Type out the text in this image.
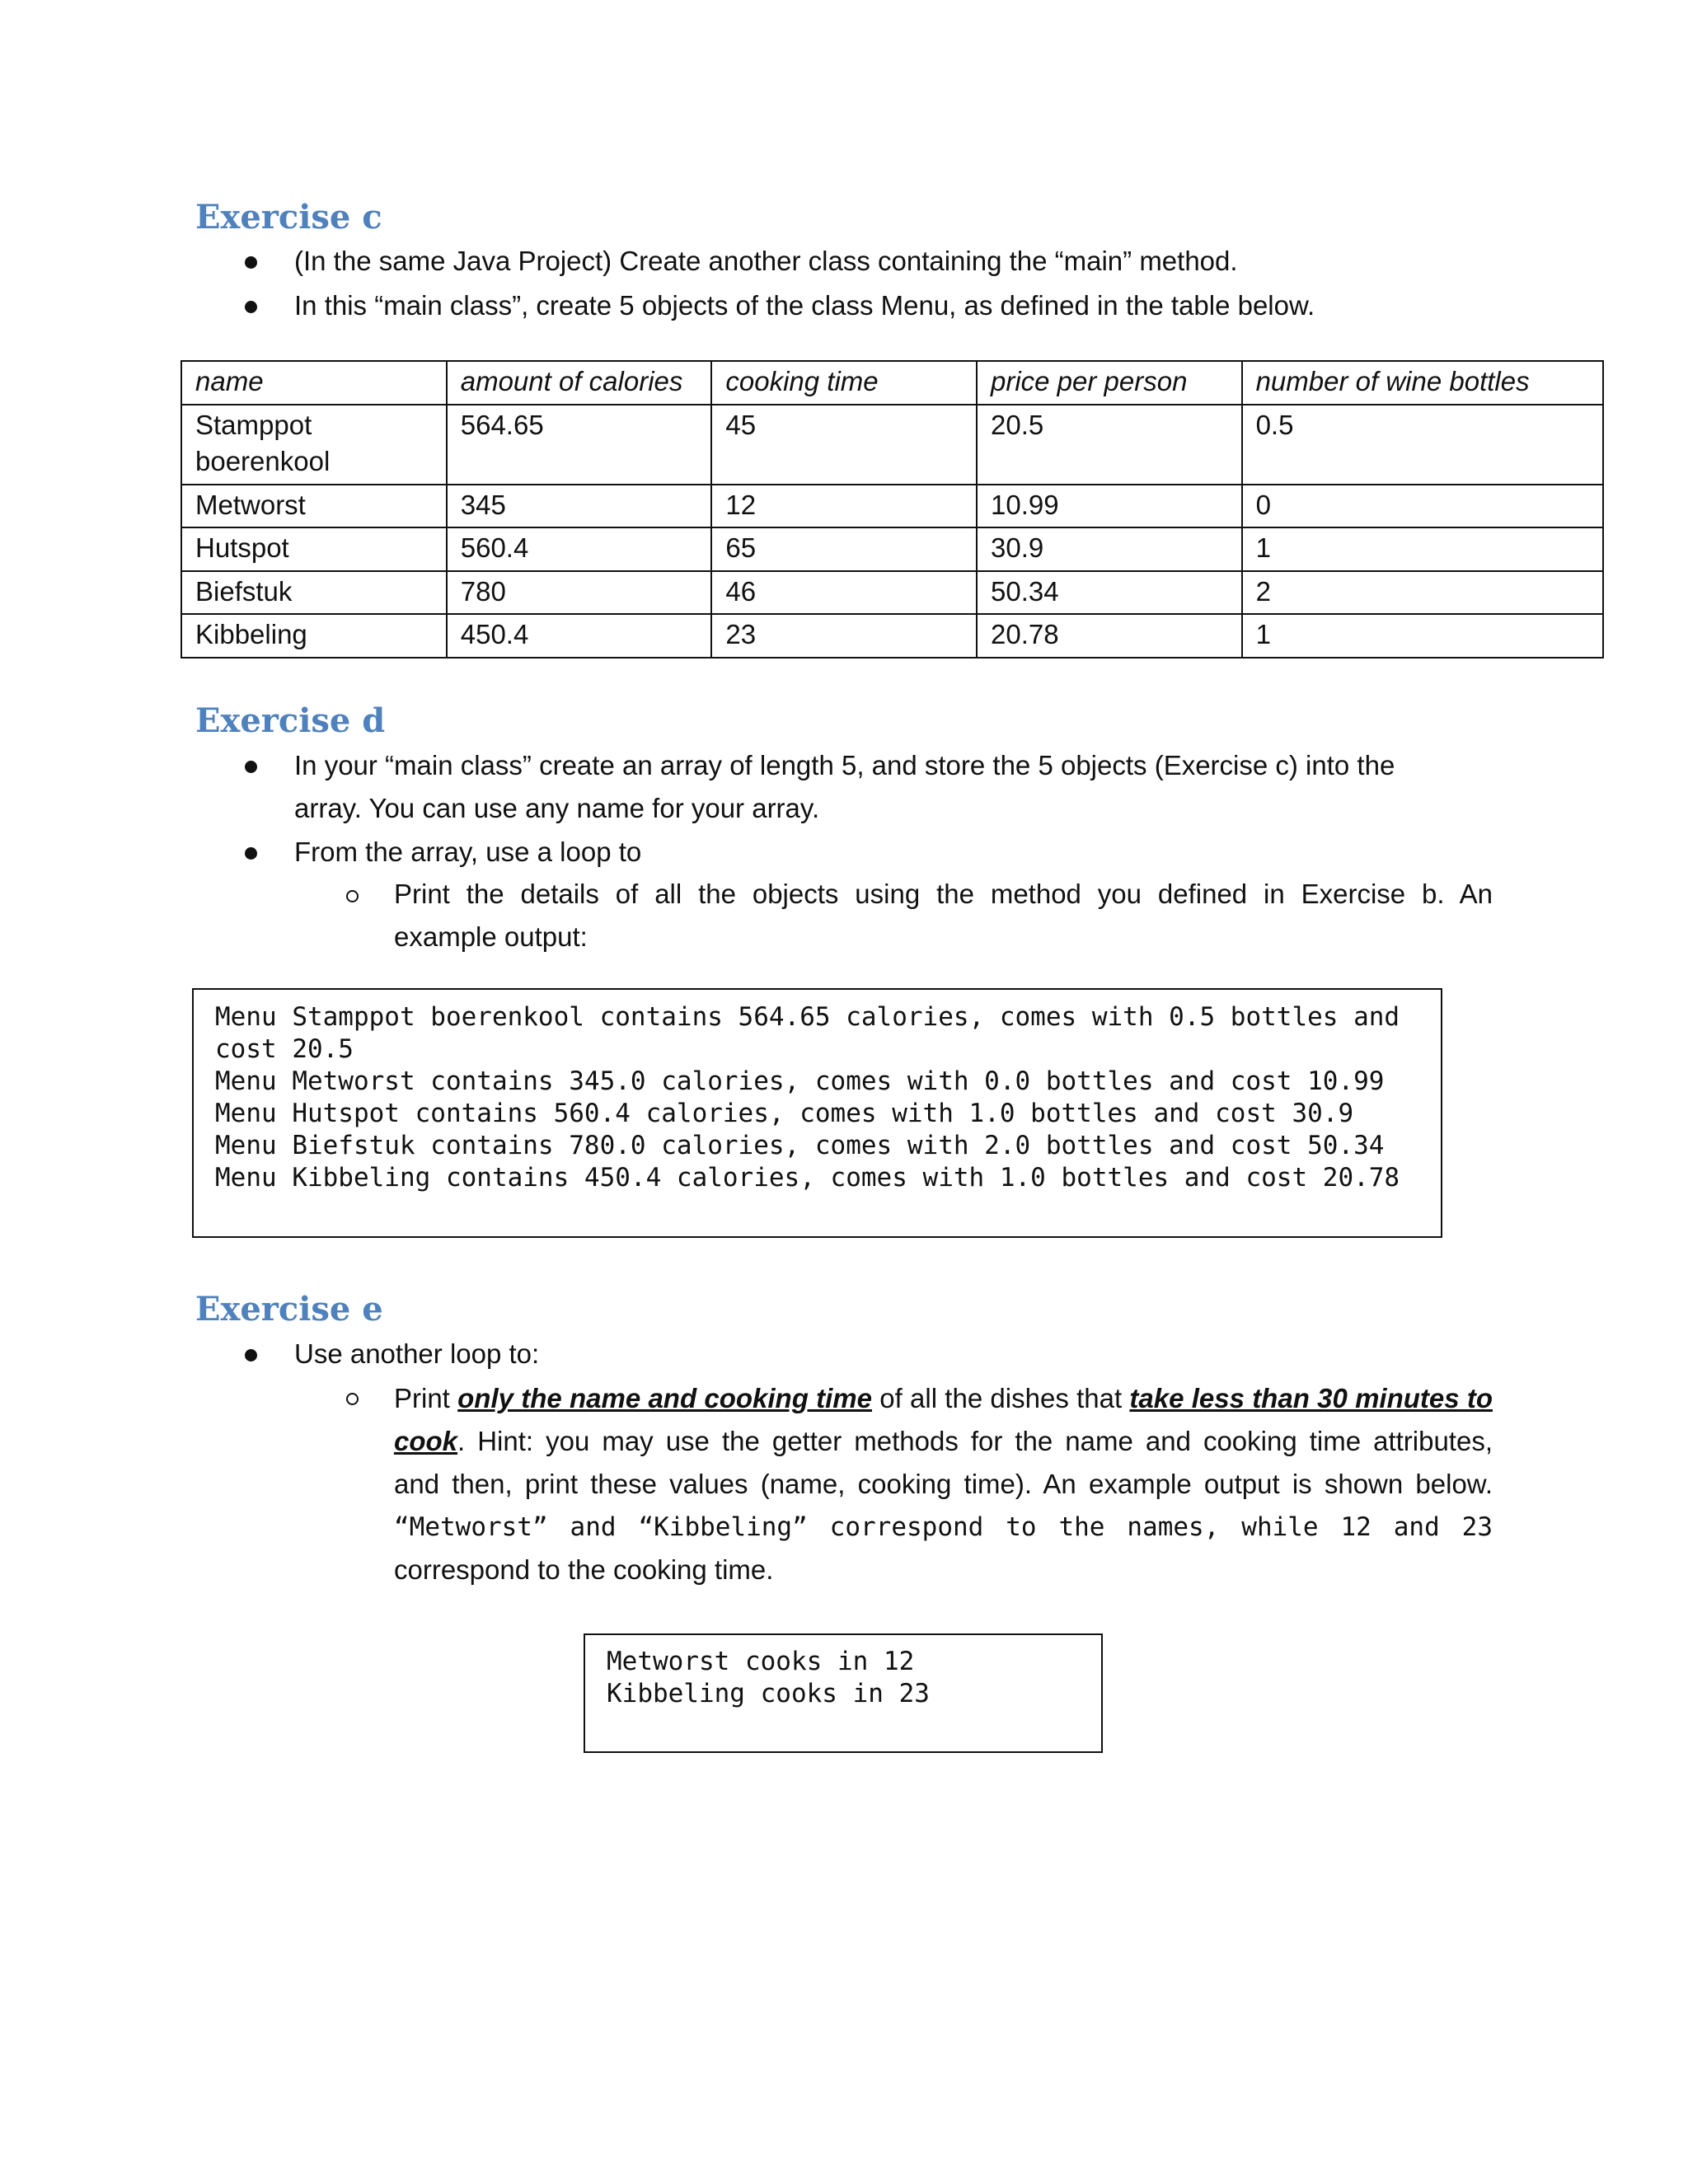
Exercise c
(In the same Java Project) Create another class containing the “main” method.
In this “main class”, create 5 objects of the class Menu, as defined in the table below.
name	amount of calories	cooking time	price per person	number of wine bottles

Stamppot
boerenkool	564.65	45	20.5	0.5
Metworst	345	12	10.99	0
Hutspot	560.4	65	30.9	1
Biefstuk	780	46	50.34	2
Kibbeling	450.4	23	20.78	1
Exercise d
In your “main class” create an array of length 5, and store the 5 objects (Exercise c) into the
array. You can use any name for your array.
From the array, use a loop to
Print the details of all the objects using the method you defined in Exercise b. An
example output:
Menu Stamppot boerenkool contains 564.65 calories, comes with 0.5 bottles and
cost 20.5
Menu Metworst contains 345.0 calories, comes with 0.0 bottles and cost 10.99
Menu Hutspot contains 560.4 calories, comes with 1.0 bottles and cost 30.9
Menu Biefstuk contains 780.0 calories, comes with 2.0 bottles and cost 50.34
Menu Kibbeling contains 450.4 calories, comes with 1.0 bottles and cost 20.78
Exercise e
Use another loop to:
Print only the name and cooking time of all the dishes that take less than 30 minutes to
cook. Hint: you may use the getter methods for the name and cooking time attributes,
and then, print these values (name, cooking time). An example output is shown below.
“Metworst” and “Kibbeling” correspond to the names, while 12 and 23
correspond to the cooking time.
Metworst cooks in 12
Kibbeling cooks in 23
